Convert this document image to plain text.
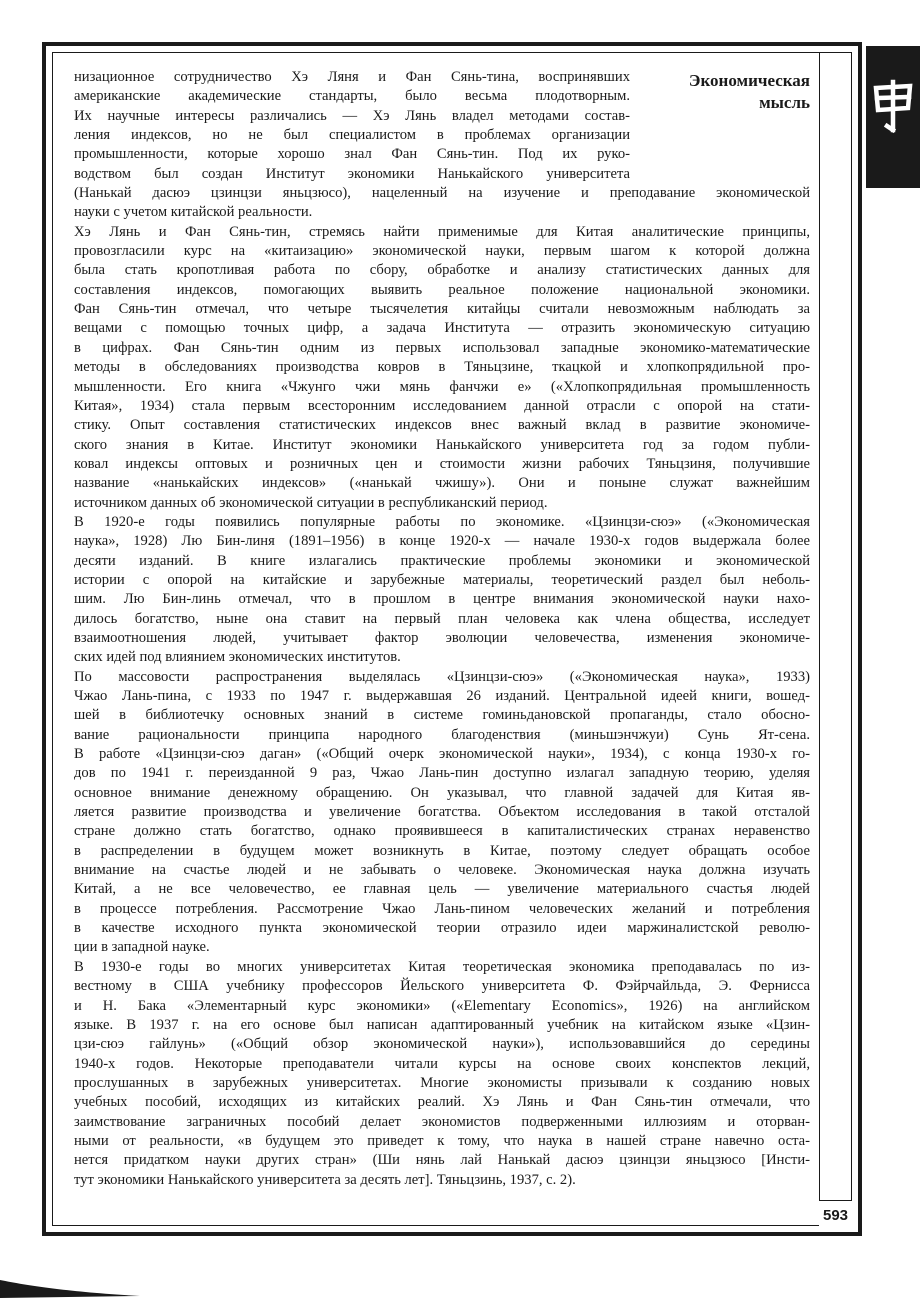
Экономическая
мысль
низационное сотрудничество Хэ Ляня и Фан Сянь-тина, воспринявших
американские академические стандарты, было весьма плодотворным.
Их научные интересы различались — Хэ Лянь владел методами состав-
ления индексов, но не был специалистом в проблемах организации
промышленности, которые хорошо знал Фан Сянь-тин. Под их руко-
водством был создан Институт экономики Нанькайского университета
(Нанькай дасюэ цзинцзи яньцзюсо), нацеленный на изучение и преподавание экономической
науки с учетом китайской реальности.
Хэ Лянь и Фан Сянь-тин, стремясь найти применимые для Китая аналитические принципы,
провозгласили курс на «китаизацию» экономической науки, первым шагом к которой должна
была стать кропотливая работа по сбору, обработке и анализу статистических данных для
составления индексов, помогающих выявить реальное положение национальной экономики.
Фан Сянь-тин отмечал, что четыре тысячелетия китайцы считали невозможным наблюдать за
вещами с помощью точных цифр, а задача Института — отразить экономическую ситуацию
в цифрах. Фан Сянь-тин одним из первых использовал западные экономико-математические
методы в обследованиях производства ковров в Тяньцзине, ткацкой и хлопкопрядильной про-
мышленности. Его книга «Чжунго чжи мянь фанчжи е» («Хлопкопрядильная промышленность
Китая», 1934) стала первым всесторонним исследованием данной отрасли с опорой на стати-
стику. Опыт составления статистических индексов внес важный вклад в развитие экономиче-
ского знания в Китае. Институт экономики Нанькайского университета год за годом публи-
ковал индексы оптовых и розничных цен и стоимости жизни рабочих Тяньцзиня, получившие
название «нанькайских индексов» («нанькай чжишу»). Они и поныне служат важнейшим
источником данных об экономической ситуации в республиканский период.
В 1920-е годы появились популярные работы по экономике. «Цзинцзи-сюэ» («Экономическая
наука», 1928) Лю Бин-линя (1891–1956) в конце 1920-х — начале 1930-х годов выдержала более
десяти изданий. В книге излагались практические проблемы экономики и экономической
истории с опорой на китайские и зарубежные материалы, теоретический раздел был неболь-
шим. Лю Бин-линь отмечал, что в прошлом в центре внимания экономической науки нахо-
дилось богатство, ныне она ставит на первый план человека как члена общества, исследует
взаимоотношения людей, учитывает фактор эволюции человечества, изменения экономиче-
ских идей под влиянием экономических институтов.
По массовости распространения выделялась «Цзинцзи-сюэ» («Экономическая наука», 1933)
Чжао Лань-пина, с 1933 по 1947 г. выдержавшая 26 изданий. Центральной идеей книги, вошед-
шей в библиотечку основных знаний в системе гоминьдановской пропаганды, стало обосно-
вание рациональности принципа народного благоденствия (миньшэнчжуи) Сунь Ят-сена.
В работе «Цзинцзи-сюэ даган» («Общий очерк экономической науки», 1934), с конца 1930-х го-
дов по 1941 г. переизданной 9 раз, Чжао Лань-пин доступно излагал западную теорию, уделяя
основное внимание денежному обращению. Он указывал, что главной задачей для Китая яв-
ляется развитие производства и увеличение богатства. Объектом исследования в такой отсталой
стране должно стать богатство, однако проявившееся в капиталистических странах неравенство
в распределении в будущем может возникнуть в Китае, поэтому следует обращать особое
внимание на счастье людей и не забывать о человеке. Экономическая наука должна изучать
Китай, а не все человечество, ее главная цель — увеличение материального счастья людей
в процессе потребления. Рассмотрение Чжао Лань-пином человеческих желаний и потребления
в качестве исходного пункта экономической теории отразило идеи маржиналистской револю-
ции в западной науке.
В 1930-е годы во многих университетах Китая теоретическая экономика преподавалась по из-
вестному в США учебнику профессоров Йельского университета Ф. Фэйрчайльда, Э. Фернисса
и Н. Бака «Элементарный курс экономики» («Elementary Economics», 1926) на английском
языке. В 1937 г. на его основе был написан адаптированный учебник на китайском языке «Цзин-
цзи-сюэ гайлунь» («Общий обзор экономической науки»), использовавшийся до середины
1940-х годов. Некоторые преподаватели читали курсы на основе своих конспектов лекций,
прослушанных в зарубежных университетах. Многие экономисты призывали к созданию новых
учебных пособий, исходящих из китайских реалий. Хэ Лянь и Фан Сянь-тин отмечали, что
заимствование заграничных пособий делает экономистов подверженными иллюзиям и оторван-
ными от реальности, «в будущем это приведет к тому, что наука в нашей стране навечно оста-
нется придатком науки других стран» (Ши нянь лай Нанькай дасюэ цзинцзи яньцзюсо [Инсти-
тут экономики Нанькайского университета за десять лет]. Тяньцзинь, 1937, с. 2).
593
